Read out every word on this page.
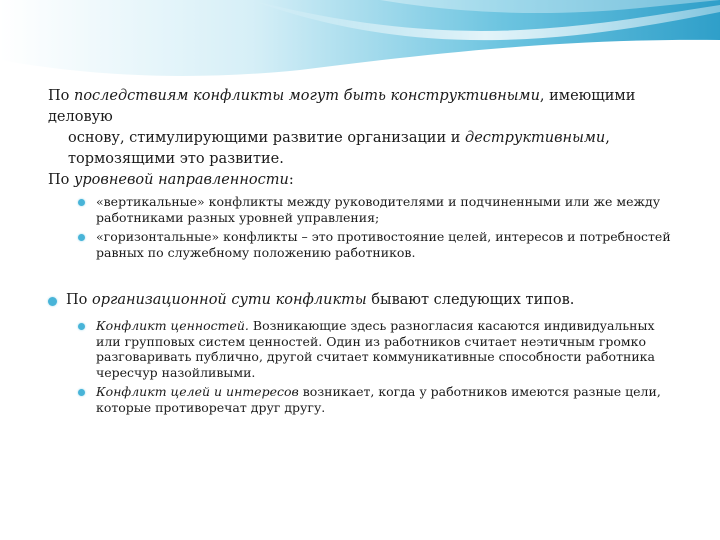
По последствиям конфликты могут быть конструктивными, имеющими деловую
основу, стимулирующими развитие организации и деструктивными,
тормозящими это развитие.
По уровневой направленности:
«вертикальные» конфликты между руководителями и подчиненными или же между работниками разных уровней управления;
«горизонтальные» конфликты – это противостояние целей, интересов и потребностей равных по служебному положению работников.
По организационной сути конфликты бывают следующих типов.
Конфликт ценностей. Возникающие здесь разногласия касаются индивидуальных или групповых систем ценностей. Один из работников считает неэтичным громко разговаривать публично, другой считает коммуникативные способности работника чересчур назойливыми.
Конфликт целей и интересов возникает, когда у работников имеются разные цели, которые противоречат друг другу.
